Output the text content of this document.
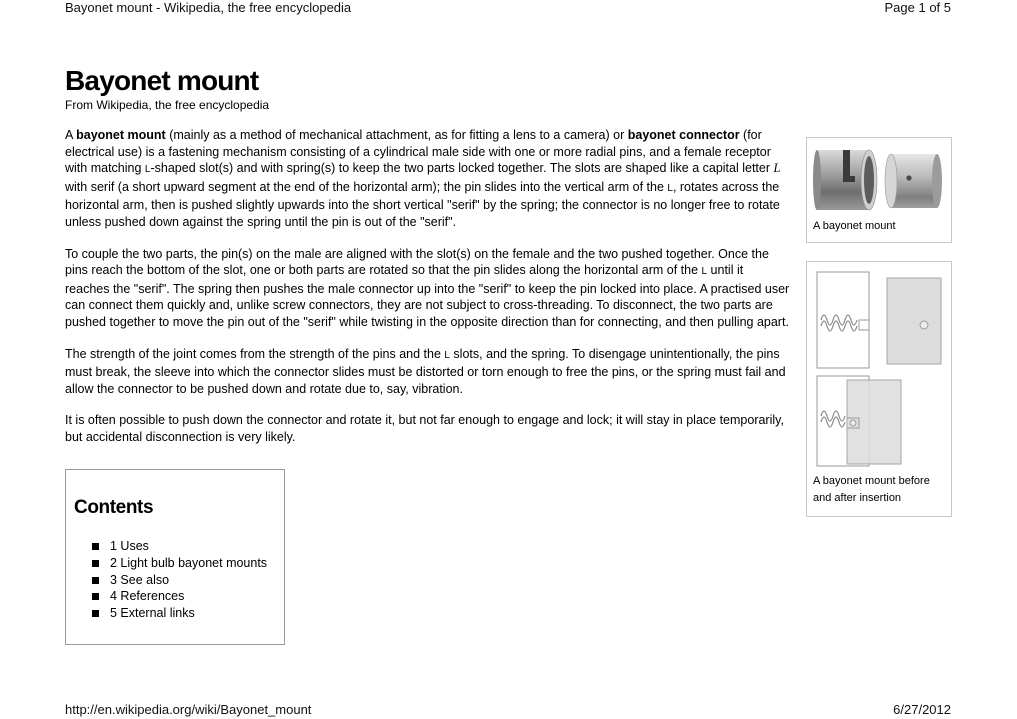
Bayonet mount - Wikipedia, the free encyclopedia	Page 1 of 5
Bayonet mount
From Wikipedia, the free encyclopedia

A bayonet mount (mainly as a method of mechanical attachment, as for fitting a lens to a camera) or bayonet connector (for electrical use) is a fastening mechanism consisting of a cylindrical male side with one or more radial pins, and a female receptor with matching L-shaped slot(s) and with spring(s) to keep the two parts locked together. The slots are shaped like a capital letter L with serif (a short upward segment at the end of the horizontal arm); the pin slides into the vertical arm of the L, rotates across the horizontal arm, then is pushed slightly upwards into the short vertical "serif" by the spring; the connector is no longer free to rotate unless pushed down against the spring until the pin is out of the "serif".

To couple the two parts, the pin(s) on the male are aligned with the slot(s) on the female and the two pushed together. Once the pins reach the bottom of the slot, one or both parts are rotated so that the pin slides along the horizontal arm of the L until it reaches the "serif". The spring then pushes the male connector up into the "serif" to keep the pin locked into place. A practised user can connect them quickly and, unlike screw connectors, they are not subject to cross-threading. To disconnect, the two parts are pushed together to move the pin out of the "serif" while twisting in the opposite direction than for connecting, and then pulling apart.

The strength of the joint comes from the strength of the pins and the L slots, and the spring. To disengage unintentionally, the pins must break, the sleeve into which the connector slides must be distorted or torn enough to free the pins, or the spring must fail and allow the connector to be pushed down and rotate due to, say, vibration.

It is often possible to push down the connector and rotate it, but not far enough to engage and lock; it will stay in place temporarily, but accidental disconnection is very likely.

Contents
1 Uses
2 Light bulb bayonet mounts
3 See also
4 References
5 External links
A bayonet mount
A bayonet mount before and after insertion
http://en.wikipedia.org/wiki/Bayonet_mount	6/27/2012
